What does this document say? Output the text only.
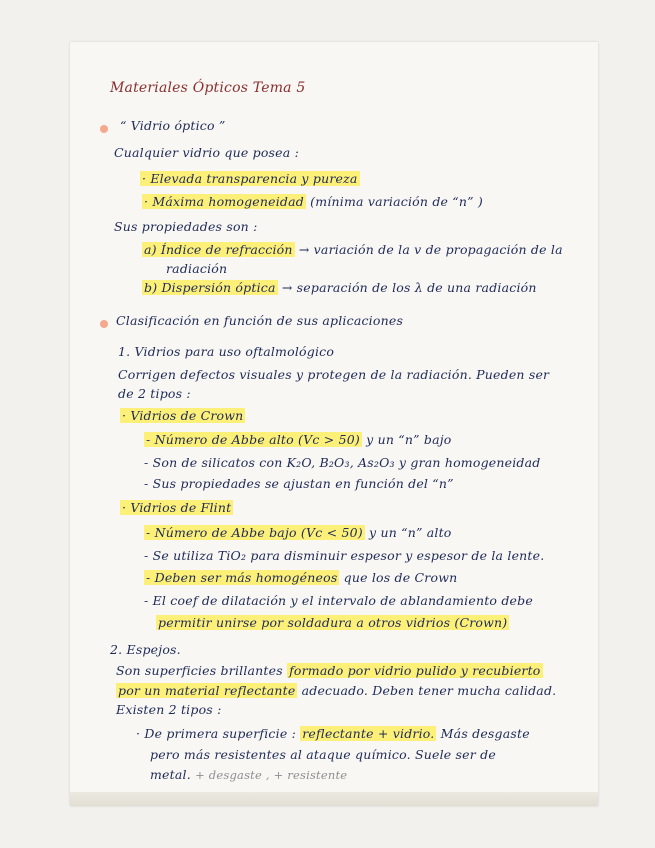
Materiales Ópticos Tema 5
“ Vidrio óptico ”
Cualquier vidrio que posea :
· Elevada transparencia y pureza
· Máxima homogeneidad (mínima variación de “n” )
Sus propiedades son :
a) Índice de refracción → variación de la v de propagación de la
radiación
b) Dispersión óptica → separación de los λ de una radiación
Clasificación en función de sus aplicaciones
1. Vidrios para uso oftalmológico
Corrigen defectos visuales y protegen de la radiación. Pueden ser
de 2 tipos :
· Vidrios de Crown
- Número de Abbe alto (Vc > 50) y un “n” bajo
- Son de silicatos con K₂O, B₂O₃, As₂O₃ y gran homogeneidad
- Sus propiedades se ajustan en función del “n”
· Vidrios de Flint
- Número de Abbe bajo (Vc < 50) y un “n” alto
- Se utiliza TiO₂ para disminuir espesor y espesor de la lente.
- Deben ser más homogéneos que los de Crown
- El coef de dilatación y el intervalo de ablandamiento debe
permitir unirse por soldadura a otros vidrios (Crown)
2. Espejos.
Son superficies brillantes formado por vidrio pulido y recubierto
por un material reflectante adecuado. Deben tener mucha calidad.
Existen 2 tipos :
· De primera superficie : reflectante + vidrio. Más desgaste
pero más resistentes al ataque químico. Suele ser de
metal. + desgaste , + resistente
